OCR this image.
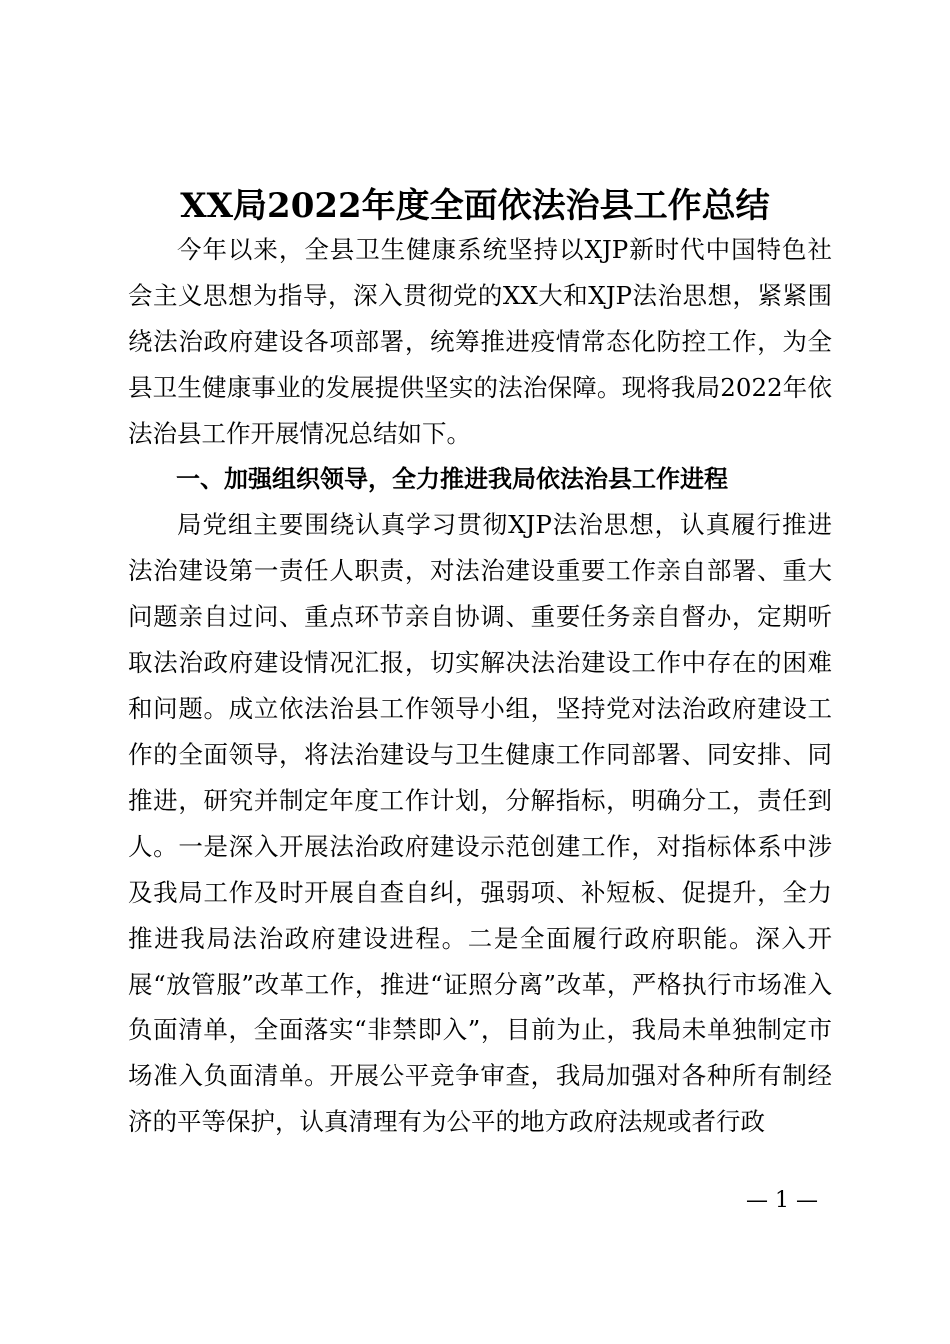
XX局2022年度全面依法治县工作总结

今年以来，全县卫生健康系统坚持以XJP新时代中国特色社会主义思想为指导，深入贯彻党的XX大和XJP法治思想，紧紧围绕法治政府建设各项部署，统筹推进疫情常态化防控工作，为全县卫生健康事业的发展提供坚实的法治保障。现将我局2022年依法治县工作开展情况总结如下。

一、加强组织领导，全力推进我局依法治县工作进程

局党组主要围绕认真学习贯彻XJP法治思想，认真履行推进法治建设第一责任人职责，对法治建设重要工作亲自部署、重大问题亲自过问、重点环节亲自协调、重要任务亲自督办，定期听取法治政府建设情况汇报，切实解决法治建设工作中存在的困难和问题。成立依法治县工作领导小组，坚持党对法治政府建设工作的全面领导，将法治建设与卫生健康工作同部署、同安排、同推进，研究并制定年度工作计划，分解指标，明确分工，责任到人。一是深入开展法治政府建设示范创建工作，对指标体系中涉及我局工作及时开展自查自纠，强弱项、补短板、促提升，全力推进我局法治政府建设进程。二是全面履行政府职能。深入开展“放管服”改革工作，推进“证照分离”改革，严格执行市场准入负面清单，全面落实“非禁即入”，目前为止，我局未单独制定市场准入负面清单。开展公平竞争审查，我局加强对各种所有制经济的平等保护，认真清理有为公平的地方政府法规或者行政

— 1 —
